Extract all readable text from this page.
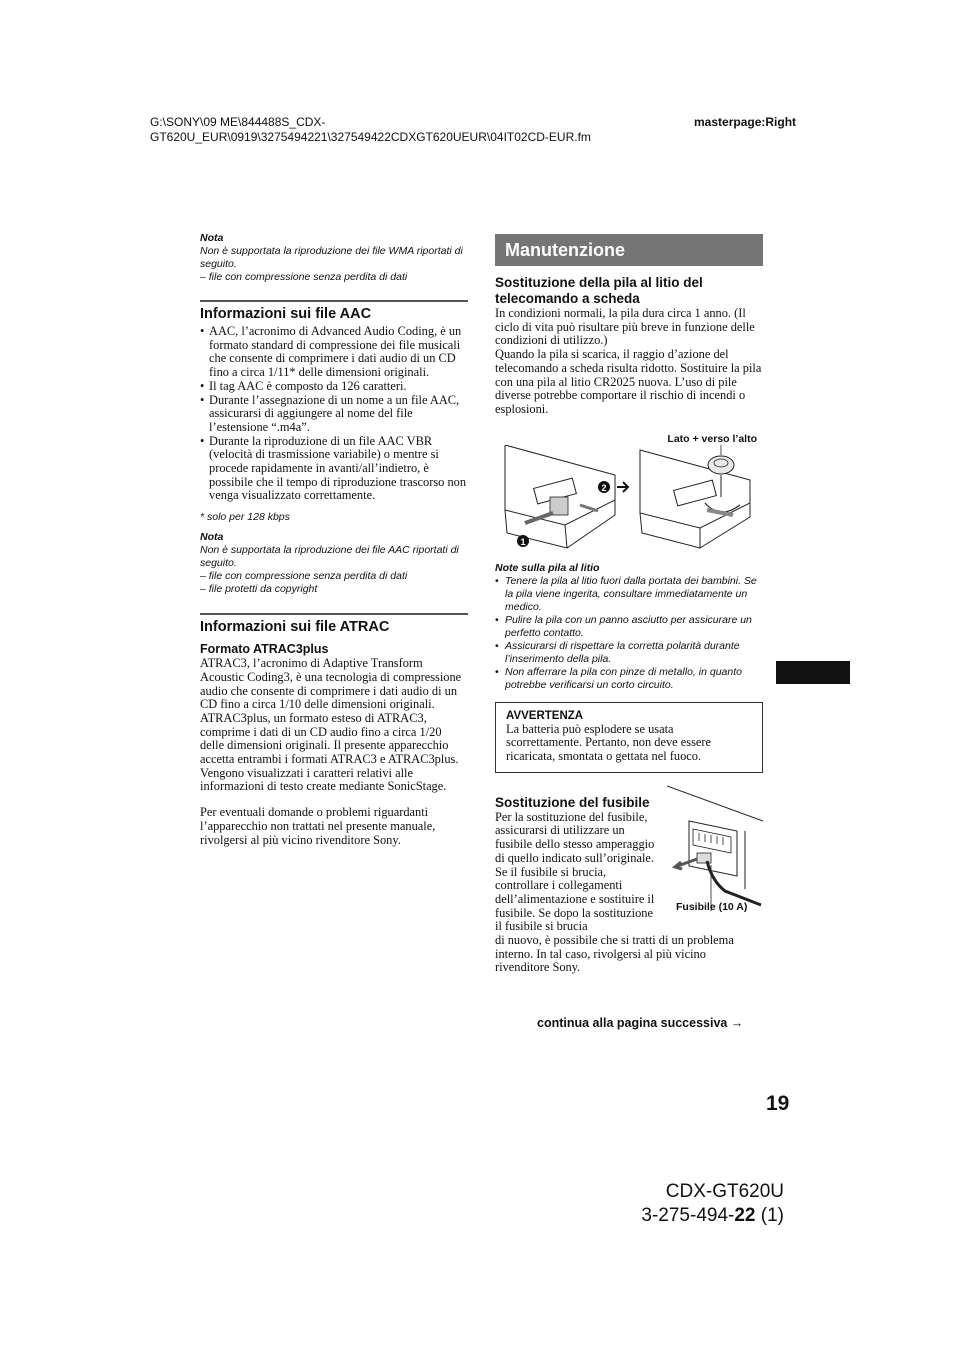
G:\SONY\09 ME\844488S_CDX-GT620U_EUR\0919\3275494221\327549422CDXGT620UEUR\04IT02CD-EUR.fm
masterpage:Right
Nota
Non è supportata la riproduzione dei file WMA riportati di seguito.
– file con compressione senza perdita di dati
Informazioni sui file AAC
• AAC, l’acronimo di Advanced Audio Coding, è un formato standard di compressione dei file musicali che consente di comprimere i dati audio di un CD fino a circa 1/11* delle dimensioni originali.
• Il tag AAC è composto da 126 caratteri.
• Durante l’assegnazione di un nome a un file AAC, assicurarsi di aggiungere al nome del file l’estensione “.m4a”.
• Durante la riproduzione di un file AAC VBR (velocità di trasmissione variabile) o mentre si procede rapidamente in avanti/all’indietro, è possibile che il tempo di riproduzione trascorso non venga visualizzato correttamente.
* solo per 128 kbps
Nota
Non è supportata la riproduzione dei file AAC riportati di seguito.
– file con compressione senza perdita di dati
– file protetti da copyright
Informazioni sui file ATRAC
Formato ATRAC3plus
ATRAC3, l’acronimo di Adaptive Transform Acoustic Coding3, è una tecnologia di compressione audio che consente di comprimere i dati audio di un CD fino a circa 1/10 delle dimensioni originali. ATRAC3plus, un formato esteso di ATRAC3, comprime i dati di un CD audio fino a circa 1/20 delle dimensioni originali. Il presente apparecchio accetta entrambi i formati ATRAC3 e ATRAC3plus.
Vengono visualizzati i caratteri relativi alle informazioni di testo create mediante SonicStage.
Per eventuali domande o problemi riguardanti l’apparecchio non trattati nel presente manuale, rivolgersi al più vicino rivenditore Sony.
Manutenzione
Sostituzione della pila al litio del telecomando a scheda
In condizioni normali, la pila dura circa 1 anno. (Il ciclo di vita può risultare più breve in funzione delle condizioni di utilizzo.)
Quando la pila si scarica, il raggio d’azione del telecomando a scheda risulta ridotto. Sostituire la pila con una pila al litio CR2025 nuova. L’uso di pile diverse potrebbe comportare il rischio di incendi o esplosioni.
Lato + verso l’alto
2
1
Note sulla pila al litio
• Tenere la pila al litio fuori dalla portata dei bambini. Se la pila viene ingerita, consultare immediatamente un medico.
• Pulire la pila con un panno asciutto per assicurare un perfetto contatto.
• Assicurarsi di rispettare la corretta polarità durante l’inserimento della pila.
• Non afferrare la pila con pinze di metallo, in quanto potrebbe verificarsi un corto circuito.
AVVERTENZA
La batteria può esplodere se usata scorrettamente. Pertanto, non deve essere ricaricata, smontata o gettata nel fuoco.
Fusibile (10 A)
Sostituzione del fusibile
Per la sostituzione del fusibile, assicurarsi di utilizzare un fusibile dello stesso amperaggio di quello indicato sull’originale. Se il fusibile si brucia, controllare i collegamenti dell’alimentazione e sostituire il fusibile. Se dopo la sostituzione il fusibile si brucia
di nuovo, è possibile che si tratti di un problema interno. In tal caso, rivolgersi al più vicino rivenditore Sony.
continua alla pagina successiva →
19
CDX-GT620U
3-275-494-22 (1)
